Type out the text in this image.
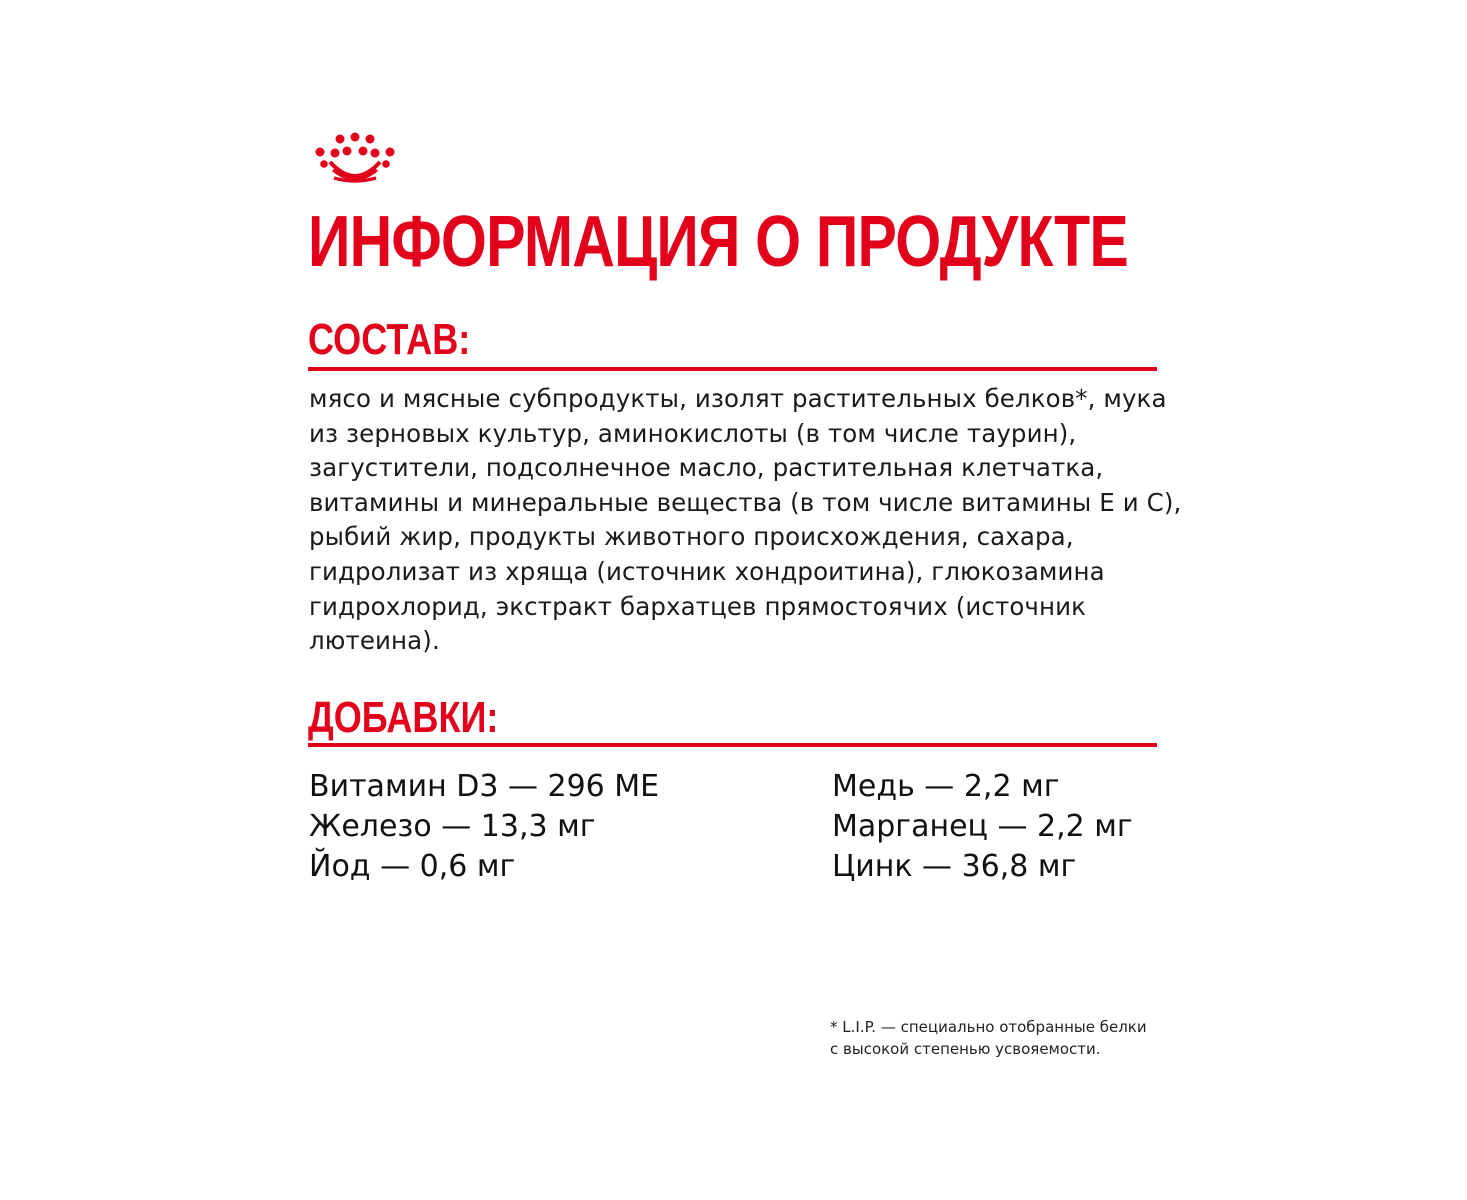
ИНФОРМАЦИЯ О ПРОДУКТЕ
СОСТАВ:

мясо и мясные субпродукты, изолят растительных белков*, мука из зерновых культур, аминокислоты (в том числе таурин), загустители, подсолнечное масло, растительная клетчатка, витамины и минеральные вещества (в том числе витамины Е и С), рыбий жир, продукты животного происхождения, сахара, гидролизат из хряща (источник хондроитина), глюкозамина гидрохлорид, экстракт бархатцев прямостоячих (источник лютеина).

ДОБАВКИ:
Витамин D3 — 296 МЕ
Железо — 13,3 мг
Йод — 0,6 мг
Медь — 2,2 мг
Марганец — 2,2 мг
Цинк — 36,8 мг

* L.I.P. — специально отобранные белки
с высокой степенью усвояемости.
